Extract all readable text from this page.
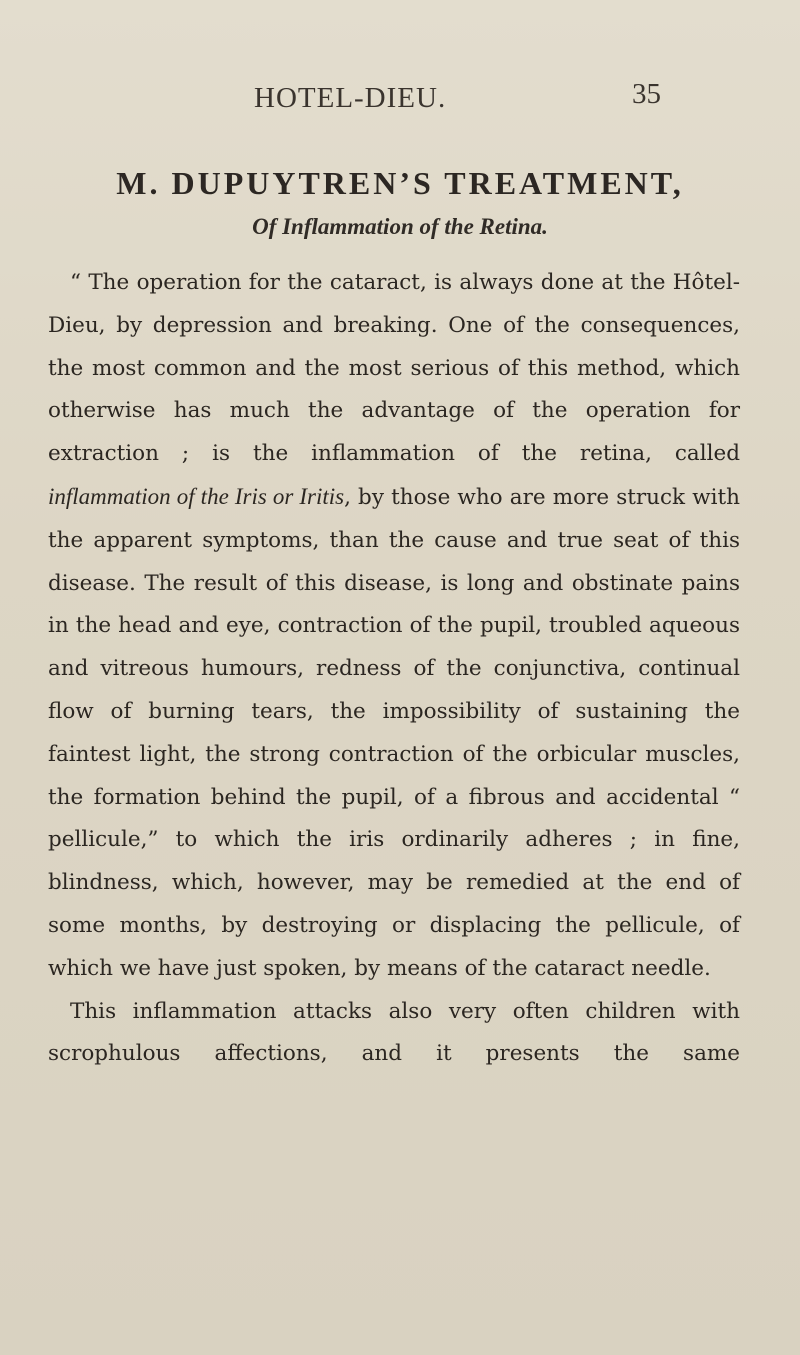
HOTEL-DIEU.	35
M. DUPUYTREN’S TREATMENT,
Of Inflammation of the Retina.

“ The operation for the cataract, is always done at the Hôtel-Dieu, by depression and breaking. One of the consequences, the most common and the most serious of this method, which otherwise has much the advantage of the operation for extraction ; is the inflammation of the retina, called inflammation of the Iris or Iritis, by those who are more struck with the apparent symptoms, than the cause and true seat of this disease. The result of this disease, is long and obstinate pains in the head and eye, contraction of the pupil, troubled aqueous and vitreous humours, redness of the conjunctiva, continual flow of burning tears, the impossibility of sustaining the faintest light, the strong contraction of the orbicular muscles, the formation behind the pupil, of a fibrous and accidental “ pellicule,” to which the iris ordinarily adheres ; in fine, blindness, which, however, may be remedied at the end of some months, by destroying or displacing the pellicule, of which we have just spoken, by means of the cataract needle.

This inflammation attacks also very often children with scrophulous affections, and it presents the same
